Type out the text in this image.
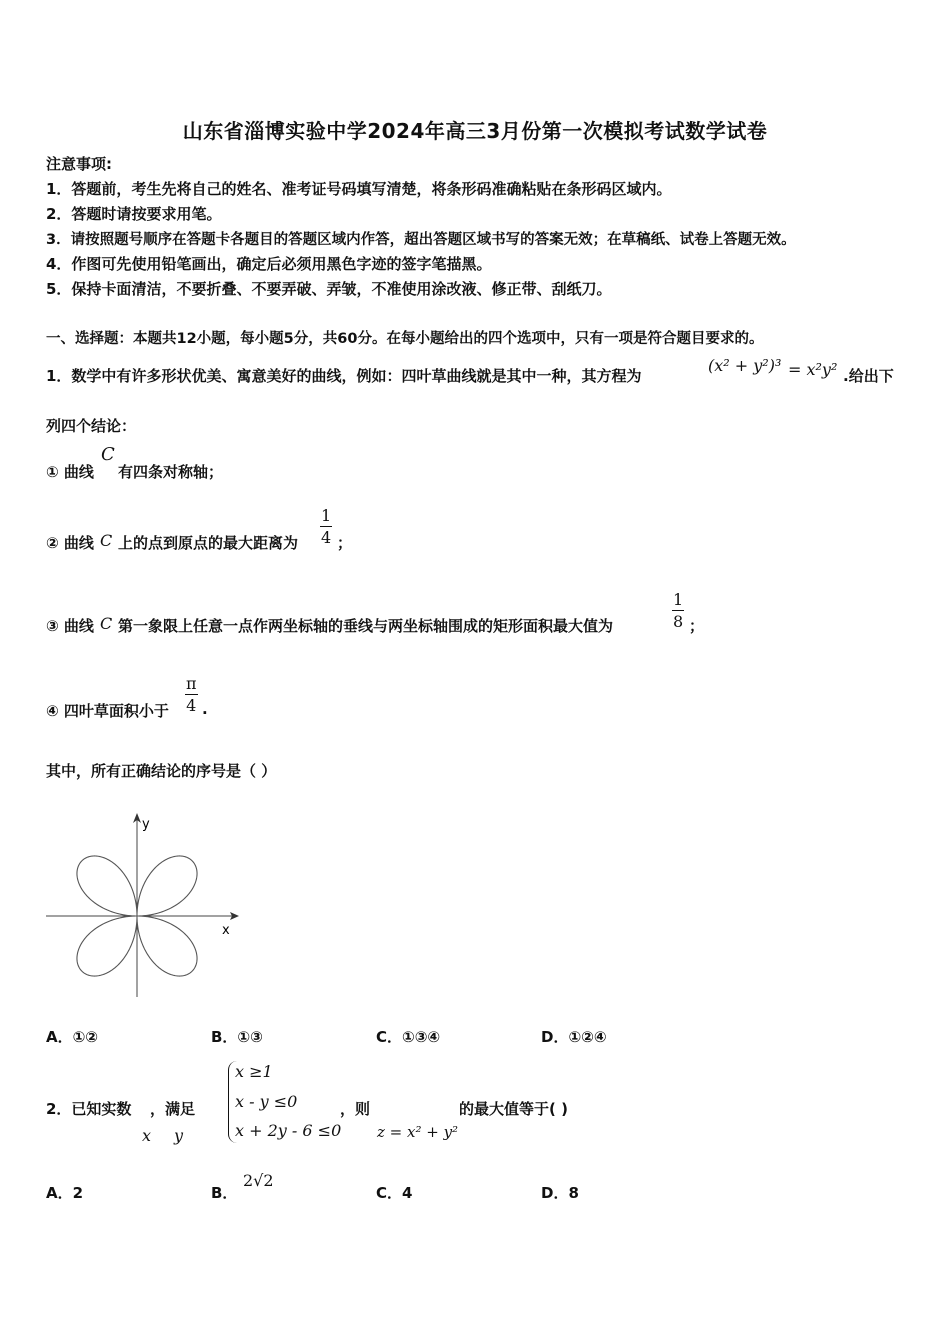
山东省淄博实验中学2024年高三3月份第一次模拟考试数学试卷
注意事项:
1．答题前，考生先将自己的姓名、准考证号码填写清楚，将条形码准确粘贴在条形码区域内。
2．答题时请按要求用笔。
3．请按照题号顺序在答题卡各题目的答题区域内作答，超出答题区域书写的答案无效；在草稿纸、试卷上答题无效。
4．作图可先使用铅笔画出，确定后必须用黑色字迹的签字笔描黑。
5．保持卡面清洁，不要折叠、不要弄破、弄皱，不准使用涂改液、修正带、刮纸刀。
一、选择题：本题共12小题，每小题5分，共60分。在每小题给出的四个选项中，只有一项是符合题目要求的。
1．数学中有许多形状优美、寓意美好的曲线，例如：四叶草曲线就是其中一种，其方程为
(x² + y²)³ = x²y² .给出下
列四个结论：
① 曲线
C
有四条对称轴；
② 曲线 C 上的点到原点的最大距离为
1
4 ；
③ 曲线 C 第一象限上任意一点作两坐标轴的垂线与两坐标轴围成的矩形面积最大值为
1
8 ；
④ 四叶草面积小于
π
4 .
其中，所有正确结论的序号是（ ）
y
x
A．①②	B．①③	C．①③④	D．①②④
2．已知实数
x
，满足
y
x ≥1
x - y ≤0
x + 2y - 6 ≤0
，则
z = x² + y²
的最大值等于( )
A．2	B．
2√2
C．4	D．8
